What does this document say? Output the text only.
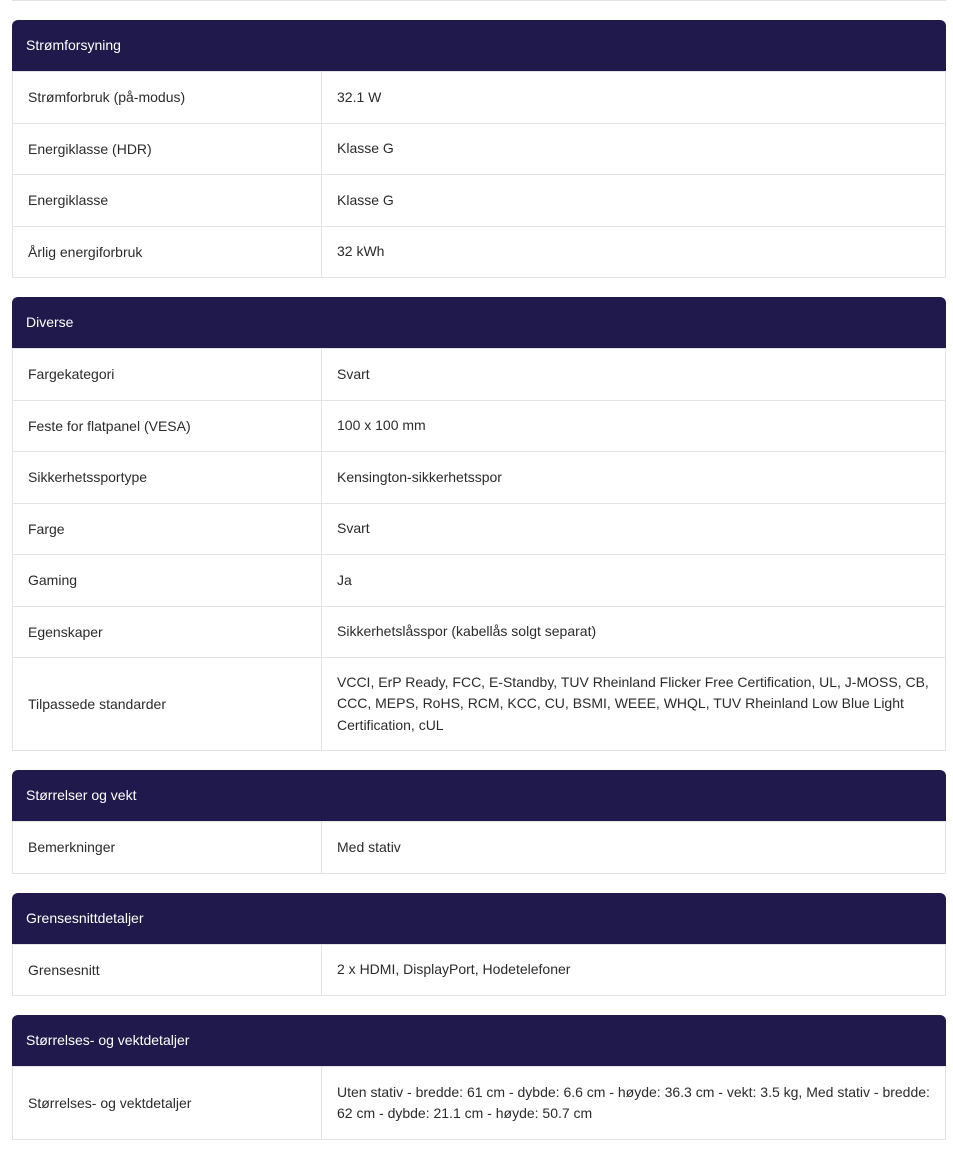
Strømforsyning
Strømforbruk (på-modus)	32.1 W
Energiklasse (HDR)	Klasse G
Energiklasse	Klasse G
Årlig energiforbruk	32 kWh
Diverse
Fargekategori	Svart
Feste for flatpanel (VESA)	100 x 100 mm
Sikkerhetssportype	Kensington-sikkerhetsspor
Farge	Svart
Gaming	Ja
Egenskaper	Sikkerhetslåsspor (kabellås solgt separat)
Tilpassede standarder	VCCI, ErP Ready, FCC, E-Standby, TUV Rheinland Flicker Free Certification, UL, J-MOSS, CB, CCC, MEPS, RoHS, RCM, KCC, CU, BSMI, WEEE, WHQL, TUV Rheinland Low Blue Light Certification, cUL
Størrelser og vekt
Bemerkninger	Med stativ
Grensesnittdetaljer
Grensesnitt	2 x HDMI, DisplayPort, Hodetelefoner
Størrelses- og vektdetaljer
Størrelses- og vektdetaljer	Uten stativ - bredde: 61 cm - dybde: 6.6 cm - høyde: 36.3 cm - vekt: 3.5 kg, Med stativ - bredde: 62 cm - dybde: 21.1 cm - høyde: 50.7 cm
